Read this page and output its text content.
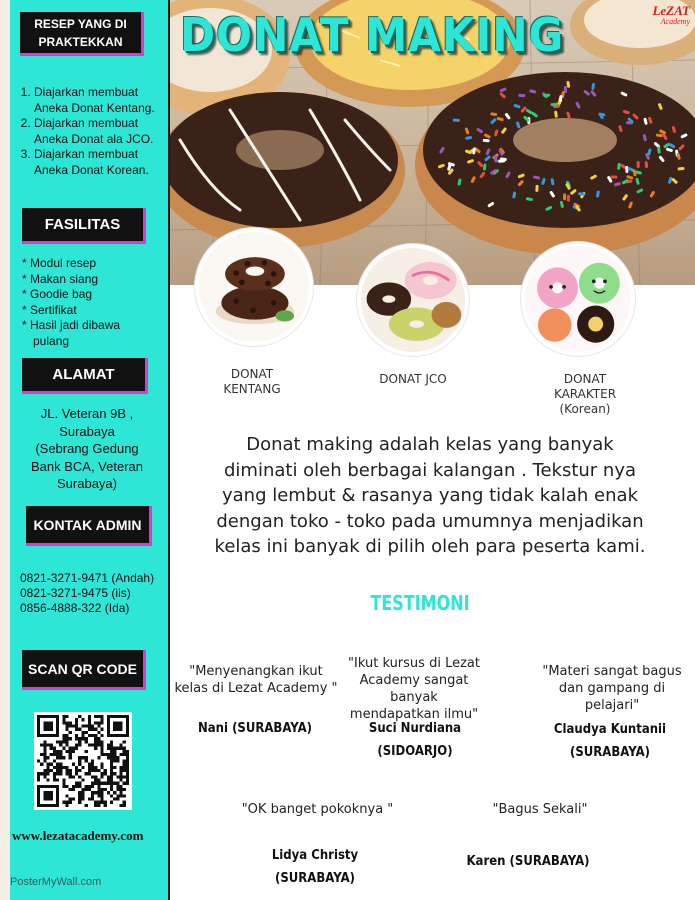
RESEP YANG DI
PRAKTEKKAN
1. Diajarkan membuat Aneka Donat Kentang.
2. Diajarkan membuat Aneka Donat ala JCO.
3. Diajarkan membuat Aneka Donat Korean.
FASILITAS
* Modul resep
* Makan siang
* Goodie bag
* Sertifikat
* Hasil jadi dibawa
pulang
ALAMAT
JL. Veteran 9B ,
Surabaya
(Sebrang Gedung
Bank BCA, Veteran
Surabaya)
KONTAK ADMIN
0821-3271-9471 (Andah)
0821-3271-9475 (iis)
0856-4888-322 (Ida)
SCAN QR CODE
www.lezatacademy.com
PosterMyWall.com
DONAT MAKING	LeZAT
Academy
DONAT
KENTANG
DONAT JCO	DONAT
KARAKTER
(Korean)
Donat making adalah kelas yang banyak diminati oleh berbagai kalangan . Tekstur nya yang lembut & rasanya yang tidak kalah enak dengan toko - toko pada umumnya menjadikan kelas ini banyak di pilih oleh para peserta kami.
TESTIMONI
"Menyenangkan ikut kelas di Lezat Academy "
Nani (SURABAYA)
"Ikut kursus di Lezat Academy sangat banyak mendapatkan ilmu"
Suci Nurdiana (SIDOARJO)
"Materi sangat bagus dan gampang di pelajari"
Claudya Kuntanii
(SURABAYA)
"OK banget pokoknya "
Lidya Christy
(SURABAYA)
"Bagus Sekali"
Karen (SURABAYA)
